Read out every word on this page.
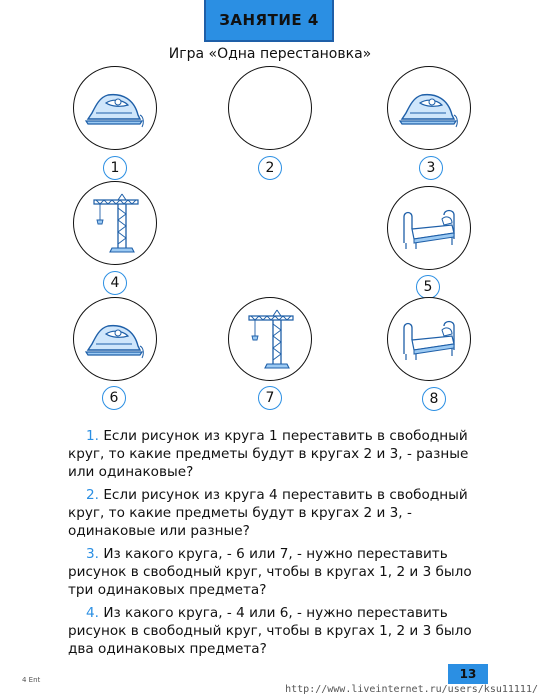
ЗАНЯТИЕ 4
Игра «Одна перестановка»
1	2	3
4	5
6	7	8

1. Если рисунок из круга 1 переставить в свободный круг, то какие предметы будут в кругах 2 и 3, - разные или одинаковые?

2. Если рисунок из круга 4 переставить в свободный круг, то какие предметы будут в кругах 2 и 3, - одинаковые или разные?

3. Из какого круга, - 6 или 7, - нужно переставить рисунок в свободный круг, чтобы в кругах 1, 2 и 3 было три одинаковых предмета?

4. Из какого круга, - 4 или 6, - нужно переставить рисунок в свободный круг, чтобы в кругах 1, 2 и 3 было два одинаковых предмета?

4 Ent	13
http://www.liveinternet.ru/users/ksu11111/
